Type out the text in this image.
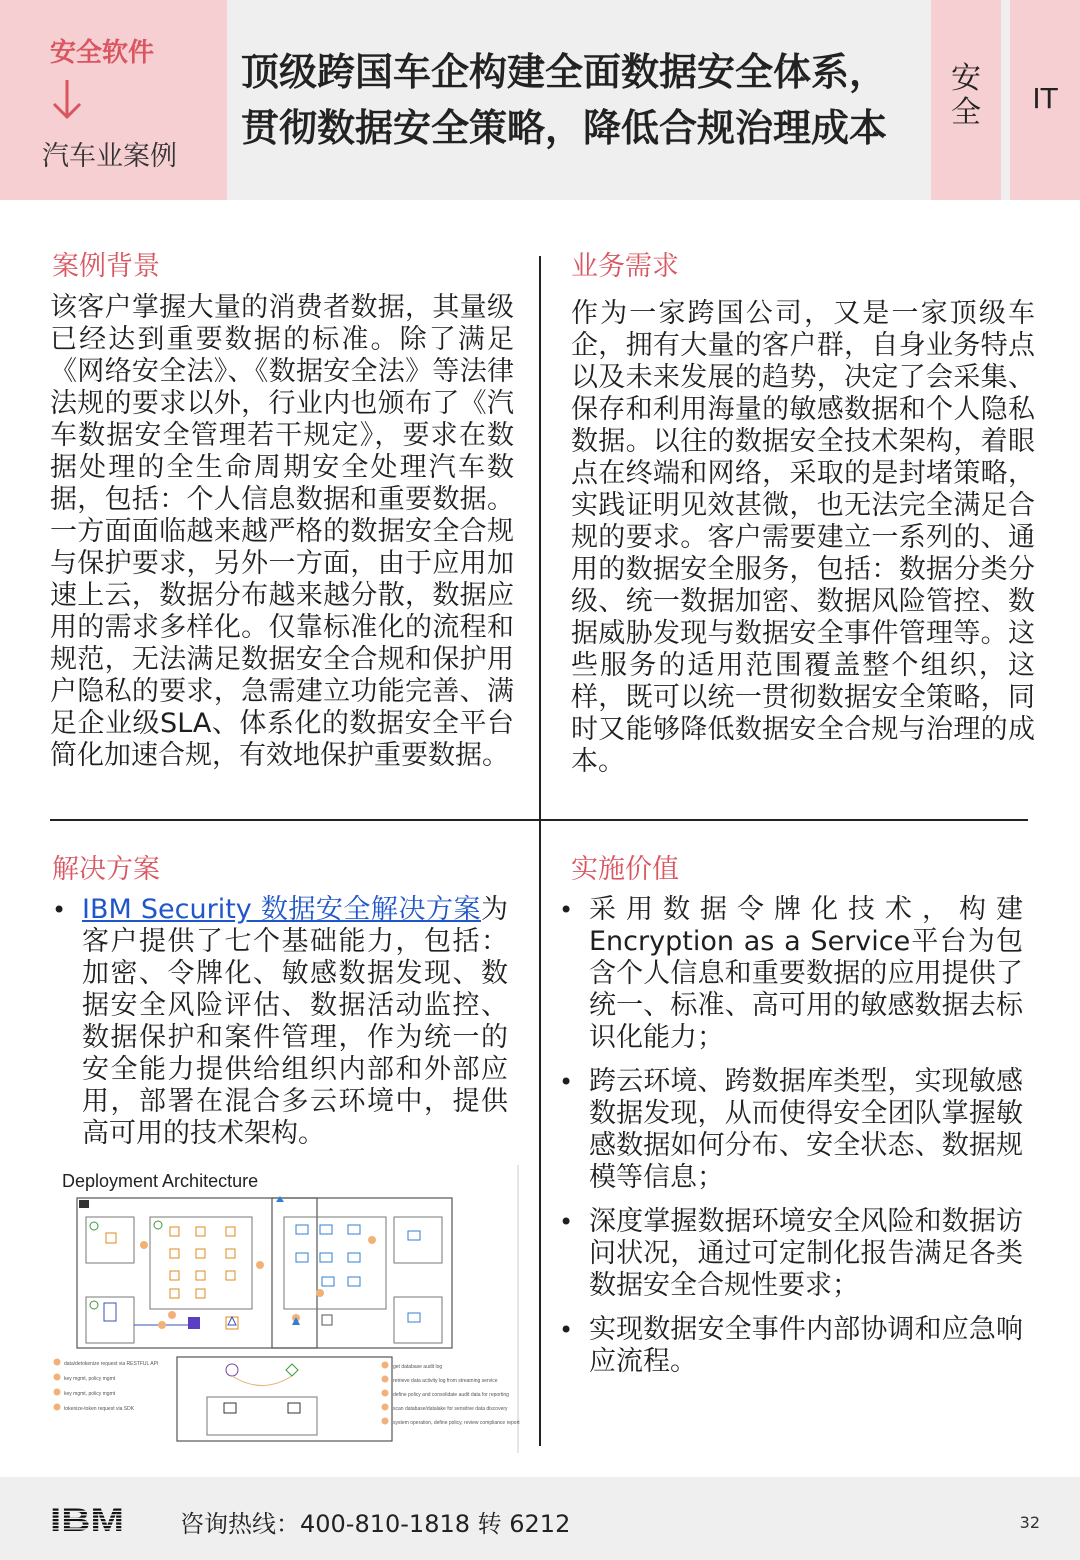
安全软件
汽车业案例
顶级跨国车企构建全面数据安全体系，
贯彻数据安全策略，降低合规治理成本
安全	IT
案例背景
该客户掌握大量的消费者数据，其量级已经达到重要数据的标准。除了满足《网络安全法》、《数据安全法》等法律法规的要求以外，行业内也颁布了《汽车数据安全管理若干规定》，要求在数据处理的全生命周期安全处理汽车数据，包括：个人信息数据和重要数据。一方面面临越来越严格的数据安全合规与保护要求，另外一方面，由于应用加速上云，数据分布越来越分散，数据应用的需求多样化。仅靠标准化的流程和规范，无法满足数据安全合规和保护用户隐私的要求，急需建立功能完善、满足企业级SLA、体系化的数据安全平台简化加速合规，有效地保护重要数据。
业务需求
作为一家跨国公司，又是一家顶级车企，拥有大量的客户群，自身业务特点以及未来发展的趋势，决定了会采集、保存和利用海量的敏感数据和个人隐私数据。以往的数据安全技术架构，着眼点在终端和网络，采取的是封堵策略，实践证明见效甚微，也无法完全满足合规的要求。客户需要建立一系列的、通用的数据安全服务，包括：数据分类分级、统一数据加密、数据风险管控、数据威胁发现与数据安全事件管理等。这些服务的适用范围覆盖整个组织，这样，既可以统一贯彻数据安全策略，同时又能够降低数据安全合规与治理的成本。
解决方案
• IBM Security 数据安全解决方案为客户提供了七个基础能力，包括：加密、令牌化、敏感数据发现、数据安全风险评估、数据活动监控、数据保护和案件管理，作为统一的安全能力提供给组织内部和外部应用，部署在混合多云环境中，提供高可用的技术架构。
Deployment Architecture
data/detokenize request via RESTFUL API
key mgmt, policy mgmt
key mgmt, policy mgmt
tokenize-token request via SDK
get database audit log
retrieve data activity log from streaming service
define policy and consolidate audit data for reporting
scan database/datalake for sensitive data discovery
system operation, define policy, review compliance report
实施价值
• 采用数据令牌化技术，构建Encryption as a Service平台为包含个人信息和重要数据的应用提供了统一、标准、高可用的敏感数据去标识化能力；
• 跨云环境、跨数据库类型，实现敏感数据发现，从而使得安全团队掌握敏感数据如何分布、安全状态、数据规模等信息；
• 深度掌握数据环境安全风险和数据访问状况，通过可定制化报告满足各类数据安全合规性要求；
• 实现数据安全事件内部协调和应急响应流程。
IBM 咨询热线：400-810-1818 转 6212	32
